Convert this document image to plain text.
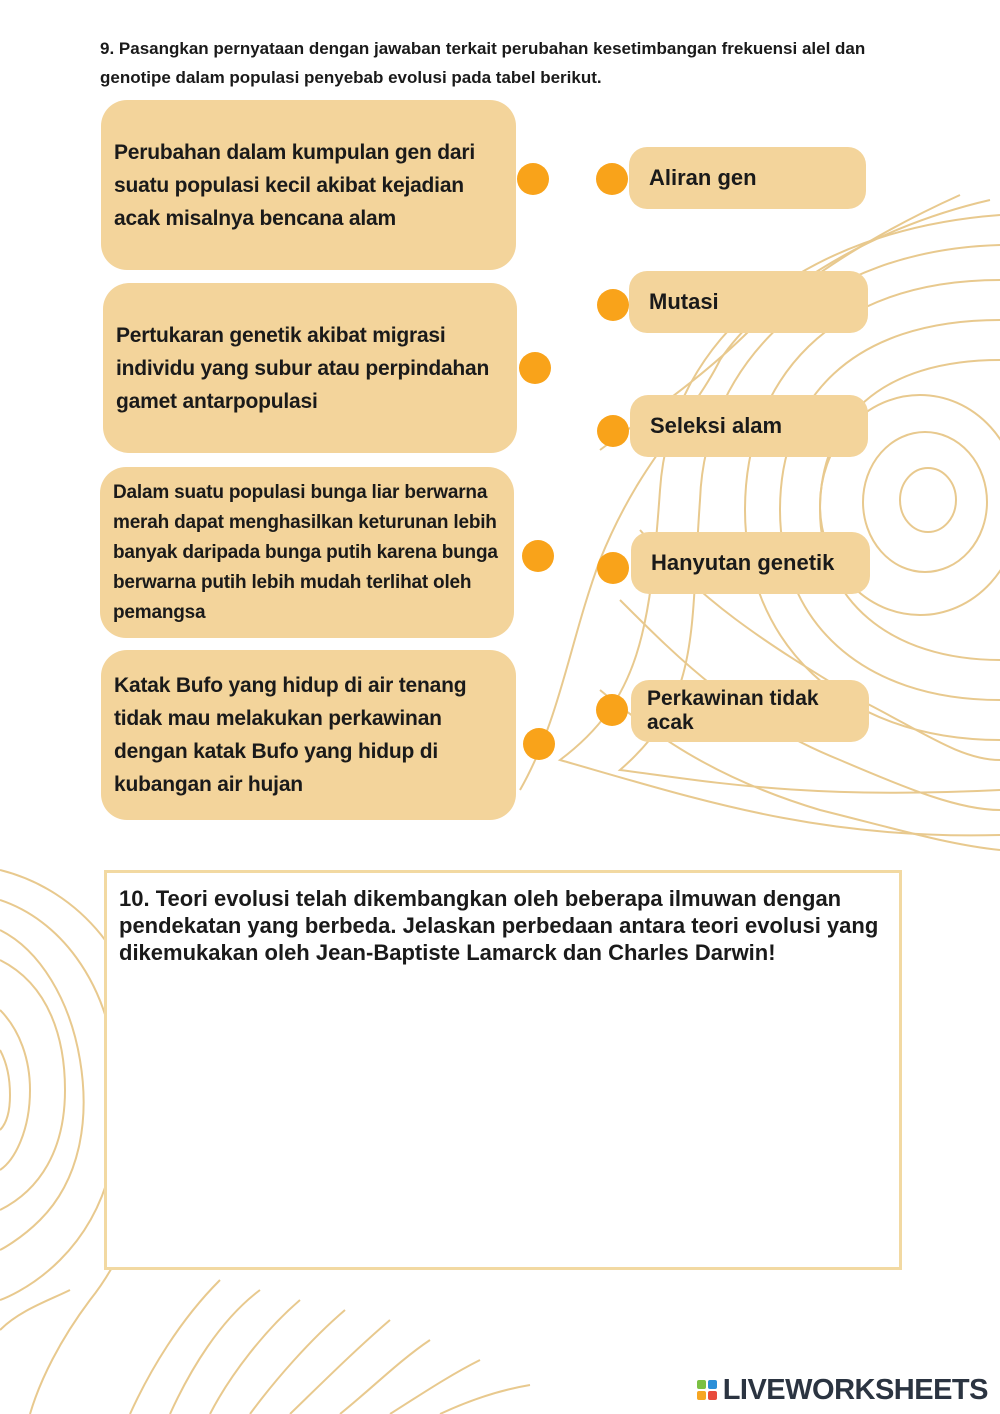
9. Pasangkan pernyataan dengan jawaban terkait perubahan kesetimbangan frekuensi alel dan genotipe dalam populasi penyebab evolusi pada tabel berikut.
Perubahan dalam kumpulan gen dari suatu populasi kecil akibat kejadian acak misalnya bencana alam
Pertukaran genetik akibat migrasi individu yang subur atau perpindahan gamet antarpopulasi
Dalam suatu populasi bunga liar berwarna merah dapat menghasilkan keturunan lebih banyak daripada bunga putih karena bunga berwarna putih lebih mudah terlihat oleh pemangsa
Katak Bufo yang hidup di air tenang tidak mau melakukan perkawinan dengan katak Bufo yang hidup di kubangan air hujan
Aliran gen
Mutasi
Seleksi alam
Hanyutan genetik
Perkawinan tidak acak
10. Teori evolusi telah dikembangkan oleh beberapa ilmuwan dengan pendekatan yang berbeda. Jelaskan perbedaan antara teori evolusi yang dikemukakan oleh Jean-Baptiste Lamarck dan Charles Darwin!
LIVEWORKSHEETS
